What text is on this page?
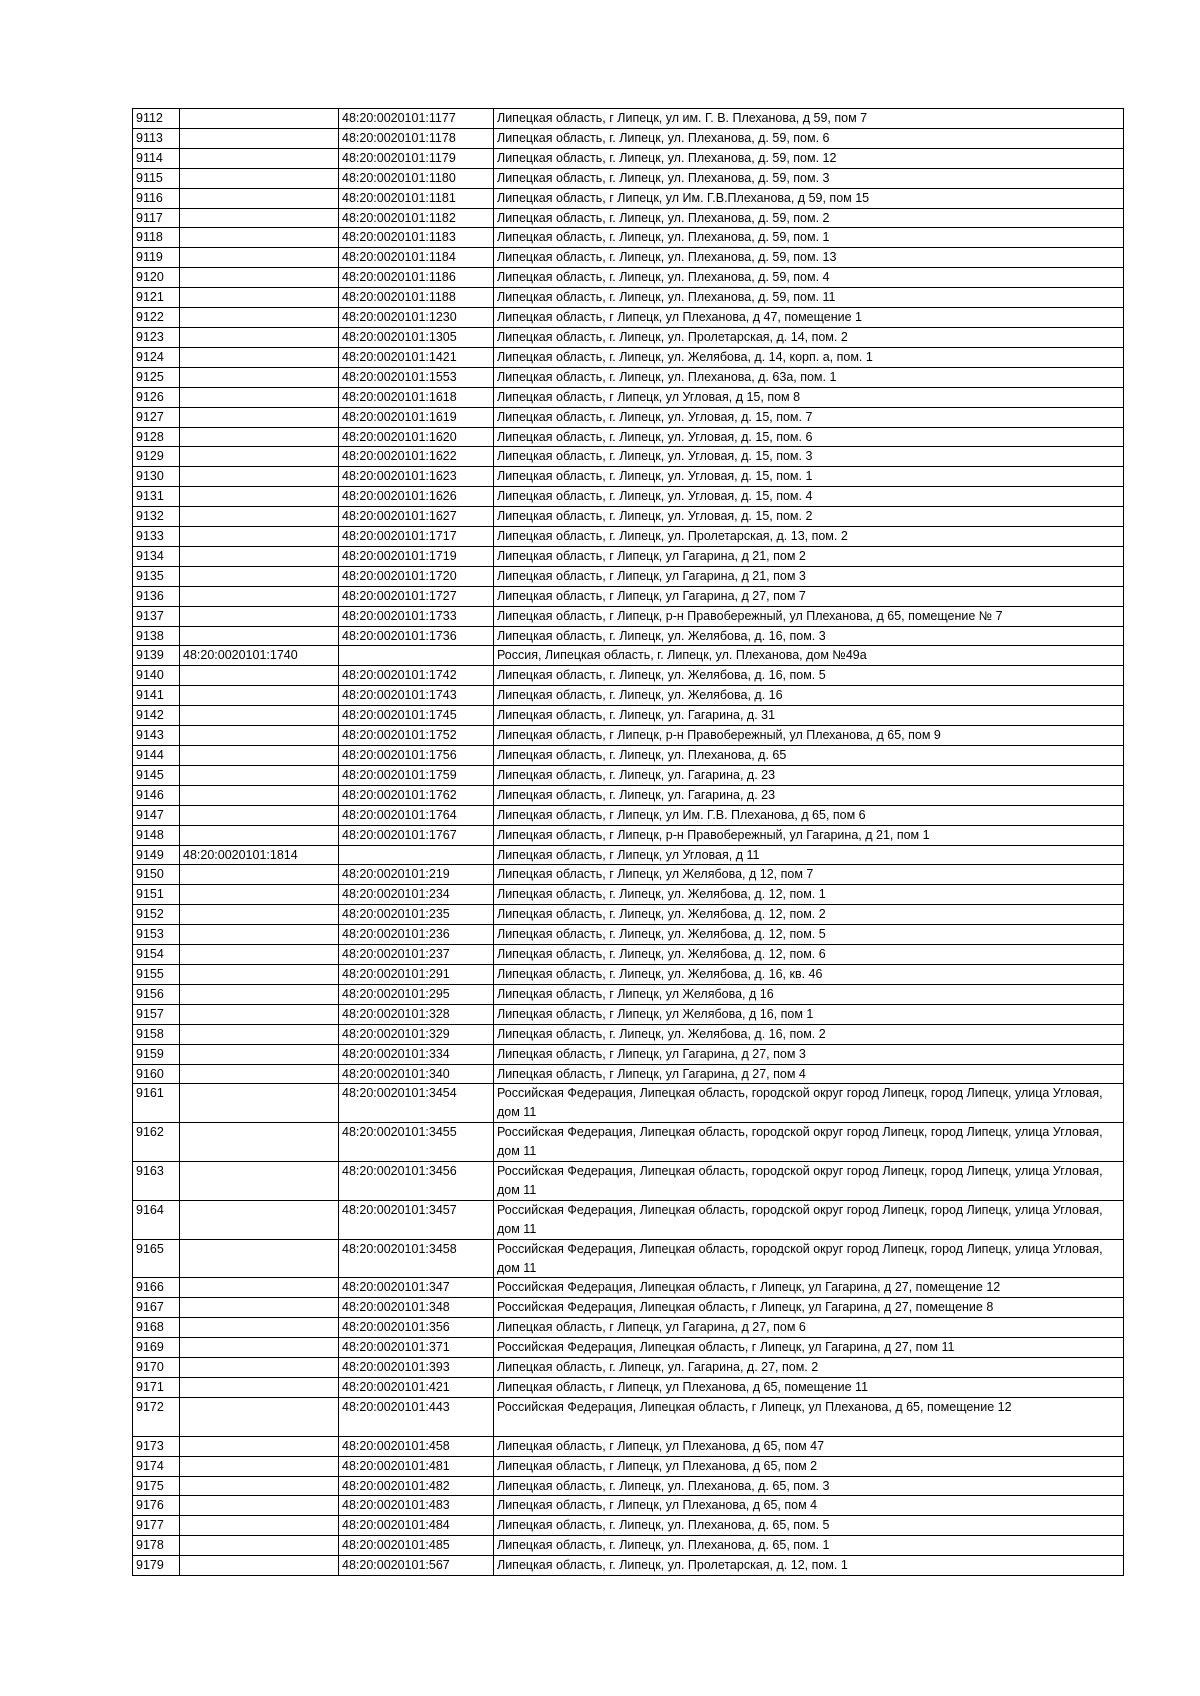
9112		48:20:0020101:1177	Липецкая область, г Липецк, ул им. Г. В. Плеханова, д 59, пом 7
9113		48:20:0020101:1178	Липецкая область, г. Липецк, ул. Плеханова, д. 59, пом. 6
9114		48:20:0020101:1179	Липецкая область, г. Липецк, ул. Плеханова, д. 59, пом. 12
9115		48:20:0020101:1180	Липецкая область, г. Липецк, ул. Плеханова, д. 59, пом. 3
9116		48:20:0020101:1181	Липецкая область, г Липецк, ул Им. Г.В.Плеханова, д 59, пом 15
9117		48:20:0020101:1182	Липецкая область, г. Липецк, ул. Плеханова, д. 59, пом. 2
9118		48:20:0020101:1183	Липецкая область, г. Липецк, ул. Плеханова, д. 59, пом. 1
9119		48:20:0020101:1184	Липецкая область, г. Липецк, ул. Плеханова, д. 59, пом. 13
9120		48:20:0020101:1186	Липецкая область, г. Липецк, ул. Плеханова, д. 59, пом. 4
9121		48:20:0020101:1188	Липецкая область, г. Липецк, ул. Плеханова, д. 59, пом. 11
9122		48:20:0020101:1230	Липецкая область, г Липецк, ул Плеханова, д 47, помещение 1
9123		48:20:0020101:1305	Липецкая область, г. Липецк, ул. Пролетарская, д. 14, пом. 2
9124		48:20:0020101:1421	Липецкая область, г. Липецк, ул. Желябова, д. 14, корп. а, пом. 1
9125		48:20:0020101:1553	Липецкая область, г. Липецк, ул. Плеханова, д. 63а, пом. 1
9126		48:20:0020101:1618	Липецкая область, г Липецк, ул Угловая, д 15, пом 8
9127		48:20:0020101:1619	Липецкая область, г. Липецк, ул. Угловая, д. 15, пом. 7
9128		48:20:0020101:1620	Липецкая область, г. Липецк, ул. Угловая, д. 15, пом. 6
9129		48:20:0020101:1622	Липецкая область, г. Липецк, ул. Угловая, д. 15, пом. 3
9130		48:20:0020101:1623	Липецкая область, г. Липецк, ул. Угловая, д. 15, пом. 1
9131		48:20:0020101:1626	Липецкая область, г. Липецк, ул. Угловая, д. 15, пом. 4
9132		48:20:0020101:1627	Липецкая область, г. Липецк, ул. Угловая, д. 15, пом. 2
9133		48:20:0020101:1717	Липецкая область, г. Липецк, ул. Пролетарская, д. 13, пом. 2
9134		48:20:0020101:1719	Липецкая область, г Липецк, ул Гагарина, д 21, пом 2
9135		48:20:0020101:1720	Липецкая область, г Липецк, ул Гагарина, д 21, пом 3
9136		48:20:0020101:1727	Липецкая область, г Липецк, ул Гагарина, д 27, пом 7
9137		48:20:0020101:1733	Липецкая область, г Липецк, р-н Правобережный, ул Плеханова, д 65, помещение № 7
9138		48:20:0020101:1736	Липецкая область, г. Липецк, ул. Желябова, д. 16, пом. 3
9139	48:20:0020101:1740		Россия, Липецкая область, г. Липецк, ул. Плеханова, дом №49а
9140		48:20:0020101:1742	Липецкая область, г. Липецк, ул. Желябова, д. 16, пом. 5
9141		48:20:0020101:1743	Липецкая область, г. Липецк, ул. Желябова, д. 16
9142		48:20:0020101:1745	Липецкая область, г. Липецк, ул. Гагарина, д. 31
9143		48:20:0020101:1752	Липецкая область, г Липецк, р-н Правобережный, ул Плеханова, д 65, пом 9
9144		48:20:0020101:1756	Липецкая область, г. Липецк, ул. Плеханова, д. 65
9145		48:20:0020101:1759	Липецкая область, г. Липецк, ул. Гагарина, д. 23
9146		48:20:0020101:1762	Липецкая область, г. Липецк, ул. Гагарина, д. 23
9147		48:20:0020101:1764	Липецкая область, г Липецк, ул Им. Г.В. Плеханова, д 65, пом 6
9148		48:20:0020101:1767	Липецкая область, г Липецк, р-н Правобережный, ул Гагарина, д 21, пом 1
9149	48:20:0020101:1814		Липецкая область, г Липецк, ул Угловая, д 11
9150		48:20:0020101:219	Липецкая область, г Липецк, ул Желябова, д 12, пом 7
9151		48:20:0020101:234	Липецкая область, г. Липецк, ул. Желябова, д. 12, пом. 1
9152		48:20:0020101:235	Липецкая область, г. Липецк, ул. Желябова, д. 12, пом. 2
9153		48:20:0020101:236	Липецкая область, г. Липецк, ул. Желябова, д. 12, пом. 5
9154		48:20:0020101:237	Липецкая область, г. Липецк, ул. Желябова, д. 12, пом. 6
9155		48:20:0020101:291	Липецкая область, г. Липецк, ул. Желябова, д. 16, кв. 46
9156		48:20:0020101:295	Липецкая область, г Липецк, ул Желябова, д 16
9157		48:20:0020101:328	Липецкая область, г Липецк, ул Желябова, д 16, пом 1
9158		48:20:0020101:329	Липецкая область, г. Липецк, ул. Желябова, д. 16, пом. 2
9159		48:20:0020101:334	Липецкая область, г Липецк, ул Гагарина, д 27, пом 3
9160		48:20:0020101:340	Липецкая область, г Липецк, ул Гагарина, д 27, пом 4
9161		48:20:0020101:3454	Российская Федерация, Липецкая область, городской округ город Липецк, город Липецк, улица Угловая, дом 11
9162		48:20:0020101:3455	Российская Федерация, Липецкая область, городской округ город Липецк, город Липецк, улица Угловая, дом 11
9163		48:20:0020101:3456	Российская Федерация, Липецкая область, городской округ город Липецк, город Липецк, улица Угловая, дом 11
9164		48:20:0020101:3457	Российская Федерация, Липецкая область, городской округ город Липецк, город Липецк, улица Угловая, дом 11
9165		48:20:0020101:3458	Российская Федерация, Липецкая область, городской округ город Липецк, город Липецк, улица Угловая, дом 11
9166		48:20:0020101:347	Российская Федерация, Липецкая область, г Липецк, ул Гагарина, д 27, помещение 12
9167		48:20:0020101:348	Российская Федерация, Липецкая область, г Липецк, ул Гагарина, д 27, помещение 8
9168		48:20:0020101:356	Липецкая область, г Липецк, ул Гагарина, д 27, пом 6
9169		48:20:0020101:371	Российская Федерация, Липецкая область, г Липецк, ул Гагарина, д 27, пом 11
9170		48:20:0020101:393	Липецкая область, г. Липецк, ул. Гагарина, д. 27, пом. 2
9171		48:20:0020101:421	Липецкая область, г Липецк, ул Плеханова, д 65, помещение 11
9172		48:20:0020101:443	Российская Федерация, Липецкая область, г Липецк, ул Плеханова, д 65, помещение 12
9173		48:20:0020101:458	Липецкая область, г Липецк, ул Плеханова, д 65, пом 47
9174		48:20:0020101:481	Липецкая область, г Липецк, ул Плеханова, д 65, пом 2
9175		48:20:0020101:482	Липецкая область, г. Липецк, ул. Плеханова, д. 65, пом. 3
9176		48:20:0020101:483	Липецкая область, г Липецк, ул Плеханова, д 65, пом 4
9177		48:20:0020101:484	Липецкая область, г. Липецк, ул. Плеханова, д. 65, пом. 5
9178		48:20:0020101:485	Липецкая область, г. Липецк, ул. Плеханова, д. 65, пом. 1
9179		48:20:0020101:567	Липецкая область, г. Липецк, ул. Пролетарская, д. 12, пом. 1
